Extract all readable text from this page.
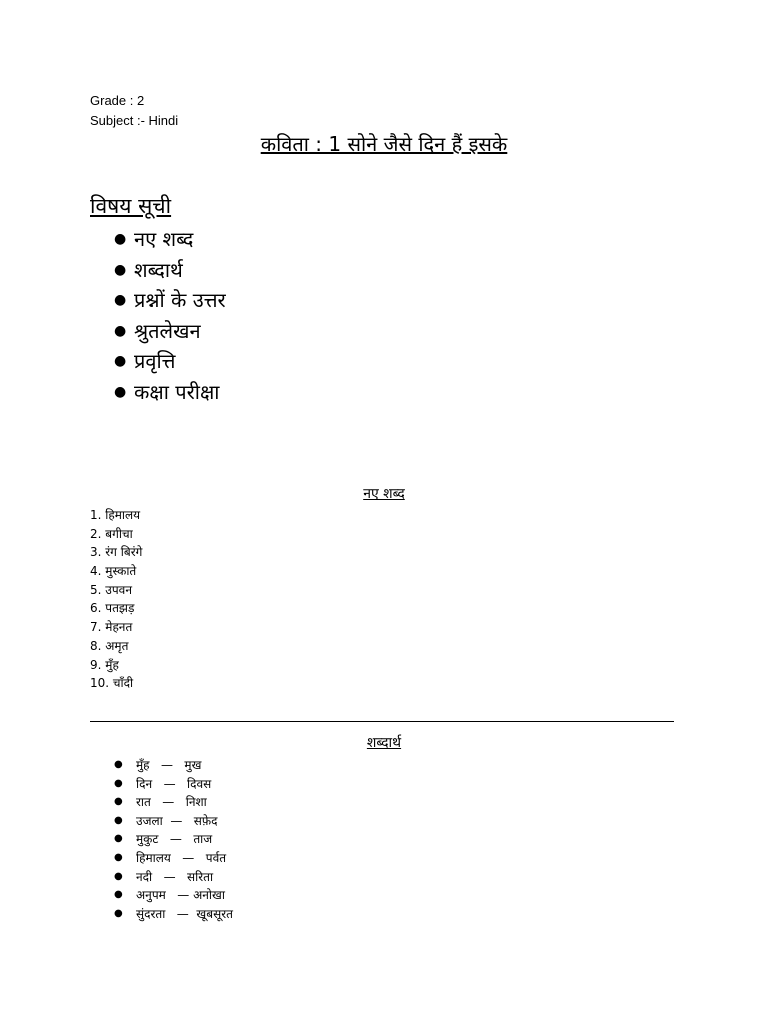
Grade : 2
Subject :- Hindi
कविता : 1 सोने जैसे दिन हैं इसके
विषय सूची
● नए शब्द
● शब्दार्थ
● प्रश्नों के उत्तर
● श्रुतलेखन
● प्रवृत्ति
● कक्षा परीक्षा
नए शब्द
1. हिमालय
2. बगीचा
3. रंग बिरंगे
4. मुस्काते
5. उपवन
6. पतझड़
7. मेहनत
8. अमृत
9. मुँह
10. चाँदी
शब्दार्थ
● मुँह   —   मुख
● दिन   —   दिवस
● रात   —   निशा
● उजला  —   सफ़ेद
● मुकुट   —   ताज
● हिमालय   —   पर्वत
● नदी   —   सरिता
● अनुपम   — अनोखा
● सुंदरता   —  खूबसूरत
